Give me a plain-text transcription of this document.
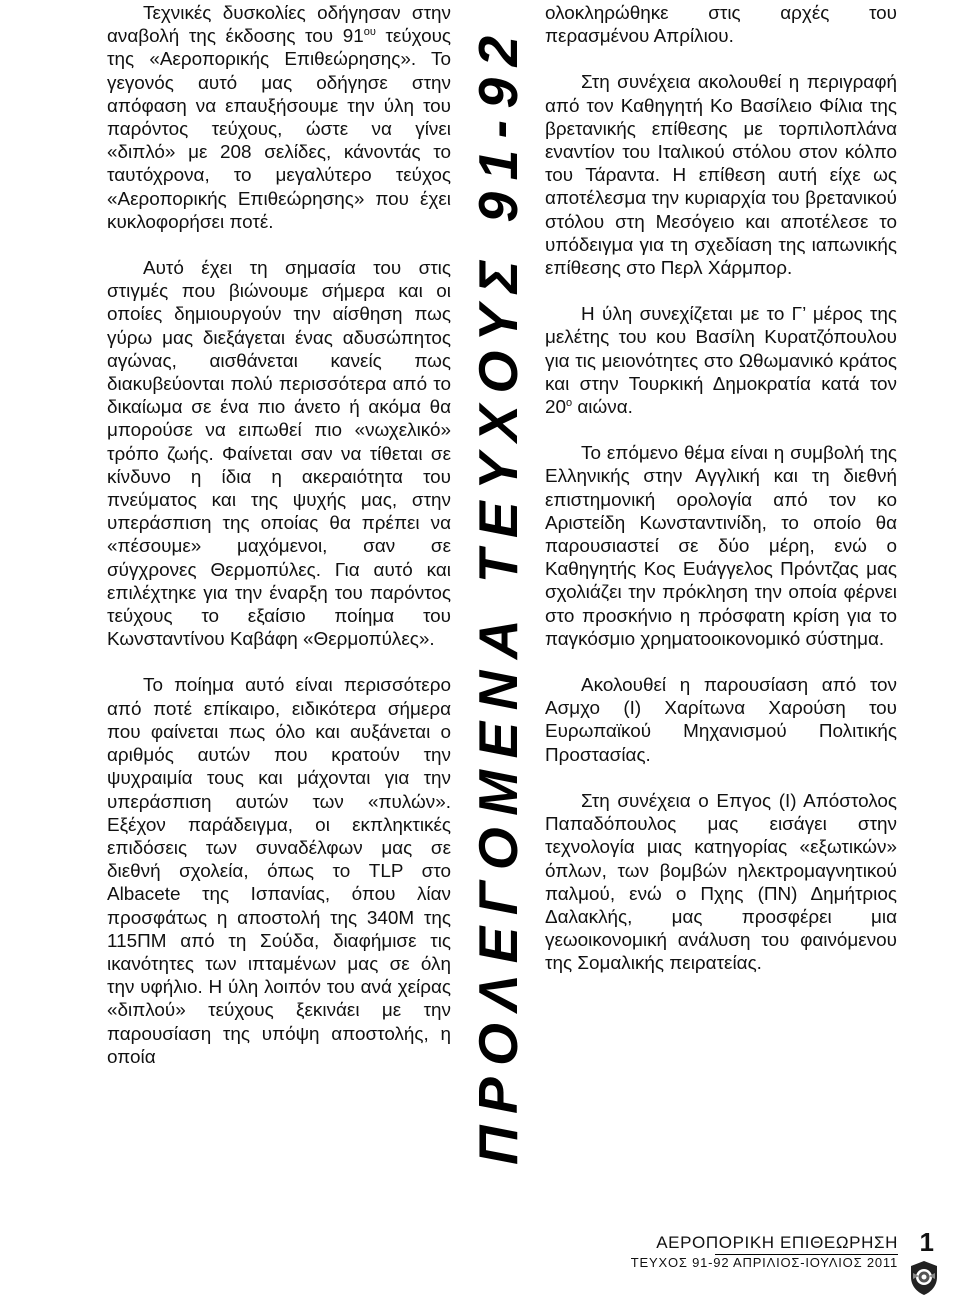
Τεχνικές δυσκολίες οδήγησαν στην αναβολή της έκδοσης του $91^{o\upsilon}$ τεύχους της «Αεροπορικής Επιθεώρησης». Το γεγονός αυτό μας οδήγησε στην απόφαση να επαυξήσουμε την ύλη του παρόντος τεύχους, ώστε να γίνει «διπλό» με 208 σελίδες, κάνοντάς το ταυτόχρονα, το μεγαλύτερο τεύχος «Αεροπορικής Επιθεώρησης» που έχει κυκλοφορήσει ποτέ.

Αυτό έχει τη σημασία του στις στιγμές που βιώνουμε σήμερα και οι οποίες δημιουργούν την αίσθηση πως γύρω μας διεξάγεται ένας αδυσώπητος αγώνας, αισθάνεται κανείς πως διακυβεύονται πολύ περισσότερα από το δικαίωμα σε ένα πιο άνετο ή ακόμα θα μπορούσε να ειπωθεί πιο «νωχελικό» τρόπο ζωής. Φαίνεται σαν να τίθεται σε κίνδυνο η ίδια η ακεραιότητα του πνεύματος και της ψυχής μας, στην υπεράσπιση της οποίας θα πρέπει να «πέσουμε» μαχόμενοι, σαν σε σύγχρονες Θερμοπύλες. Για αυτό και επιλέχτηκε για την έναρξη του παρόντος τεύχους το εξαίσιο ποίημα του Κωνσταντίνου Καβάφη «Θερμοπύλες».

Το ποίημα αυτό είναι περισσότερο από ποτέ επίκαιρο, ειδικότερα σήμερα που φαίνεται πως όλο και αυξάνεται ο αριθμός αυτών που κρατούν την ψυχραιμία τους και μάχονται για την υπεράσπιση αυτών των «πυλών». Εξέχον παράδειγμα, οι εκπληκτικές επιδόσεις των συναδέλφων μας σε διεθνή σχολεία, όπως το TLP στο Albacete της Ισπανίας, όπου λίαν προσφάτως η αποστολή της 340Μ της 115ΠΜ από τη Σούδα, διαφήμισε τις ικανότητες των ιπταμένων μας σε όλη την υφήλιο. Η ύλη λοιπόν του ανά χείρας «διπλού» τεύχους ξεκινάει με την παρουσίαση της υπόψη αποστολής, η οποία	ΠΡΟΛΕΓΟΜΕΝΑ ΤΕΥΧΟΥΣ 91-92

ολοκληρώθηκε στις αρχές του περασμένου Απρίλιου.

Στη συνέχεια ακολουθεί η περιγραφή από τον Καθηγητή Κο Βασίλειο Φίλια της βρετανικής επίθεσης με τορπιλοπλάνα εναντίον του Ιταλικού στόλου στον κόλπο του Τάραντα. Η επίθεση αυτή είχε ως αποτέλεσμα την κυριαρχία του βρετανικού στόλου στη Μεσόγειο και αποτέλεσε το υπόδειγμα για τη σχεδίαση της ιαπωνικής επίθεσης στο Περλ Χάρμπορ.

Η ύλη συνεχίζεται με το Γ’ μέρος της μελέτης του κου Βασίλη Κυρατζόπουλου για τις μειονότητες στο Ωθωμανικό κράτος και στην Τουρκική Δημοκρατία κατά τον $20^o$ αιώνα.

Το επόμενο θέμα είναι η συμβολή της Ελληνικής στην Αγγλική και τη διεθνή επιστημονική ορολογία από τον κο Αριστείδη Κωνσταντινίδη, το οποίο θα παρουσιαστεί σε δύο μέρη, ενώ ο Καθηγητής Κος Ευάγγελος Πρόντζας μας σχολιάζει την πρόκληση την οποία φέρνει στο προσκήνιο η πρόσφατη κρίση για το παγκόσμιο χρηματοοικονομικό σύστημα.

Ακολουθεί η παρουσίαση από τον Ασμχο (Ι) Χαρίτωνα Χαρούση του Ευρωπαϊκού Μηχανισμού Πολιτικής Προστασίας.

Στη συνέχεια ο Επγος (Ι) Απόστολος Παπαδόπουλος μας εισάγει στην τεχνολογία μιας κατηγορίας «εξωτικών» όπλων, των βομβών ηλεκτρομαγνητικού παλμού, ενώ ο Πχης (ΠΝ) Δημήτριος Δαλακλής, μας προσφέρει μια γεωοικονομική ανάλυση του φαινόμενου της Σομαλικής πειρατείας.

ΑΕΡΟΠΟΡΙΚΗ ΕΠΙΘΕΩΡΗΣΗ
ΤΕΥΧΟΣ 91-92 ΑΠΡΙΛΙΟΣ-ΙΟΥΛΙΟΣ 2011
1
